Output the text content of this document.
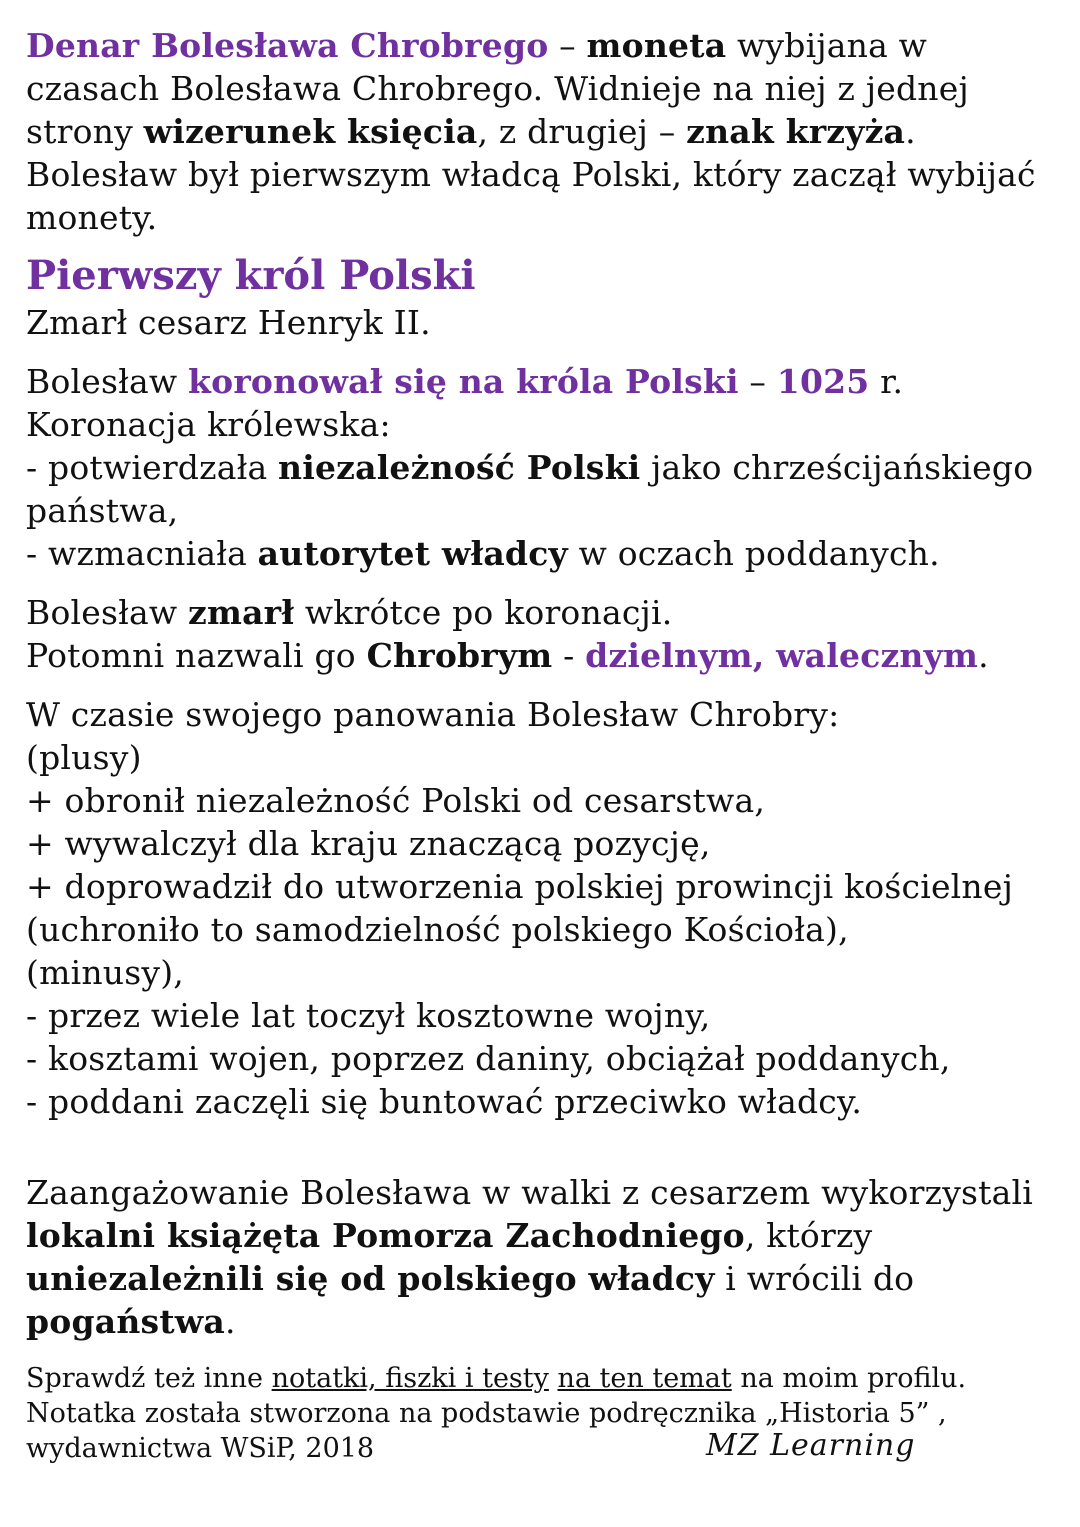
Denar Bolesława Chrobrego – moneta wybijana w czasach Bolesława Chrobrego. Widnieje na niej z jednej strony wizerunek księcia, z drugiej – znak krzyża. Bolesław był pierwszym władcą Polski, który zaczął wybijać monety.

Pierwszy król Polski

Zmarł cesarz Henryk II.

Bolesław koronował się na króla Polski – 1025 r.
Koronacja królewska:
- potwierdzała niezależność Polski jako chrześcijańskiego państwa,
- wzmacniała autorytet władcy w oczach poddanych.

Bolesław zmarł wkrótce po koronacji.
Potomni nazwali go Chrobrym - dzielnym, walecznym.

W czasie swojego panowania Bolesław Chrobry:
(plusy)
+ obronił niezależność Polski od cesarstwa,
+ wywalczył dla kraju znaczącą pozycję,
+ doprowadził do utworzenia polskiej prowincji kościelnej (uchroniło to samodzielność polskiego Kościoła),
(minusy),
- przez wiele lat toczył kosztowne wojny,
- kosztami wojen, poprzez daniny, obciążał poddanych,
- poddani zaczęli się buntować przeciwko władcy.

Zaangażowanie Bolesława w walki z cesarzem wykorzystali lokalni książęta Pomorza Zachodniego, którzy uniezależnili się od polskiego władcy i wrócili do pogaństwa.

Sprawdź też inne notatki, fiszki i testy na ten temat na moim profilu.
Notatka została stworzona na podstawie podręcznika „Historia 5” ,
wydawnictwa WSiP, 2018	MZ Learning
